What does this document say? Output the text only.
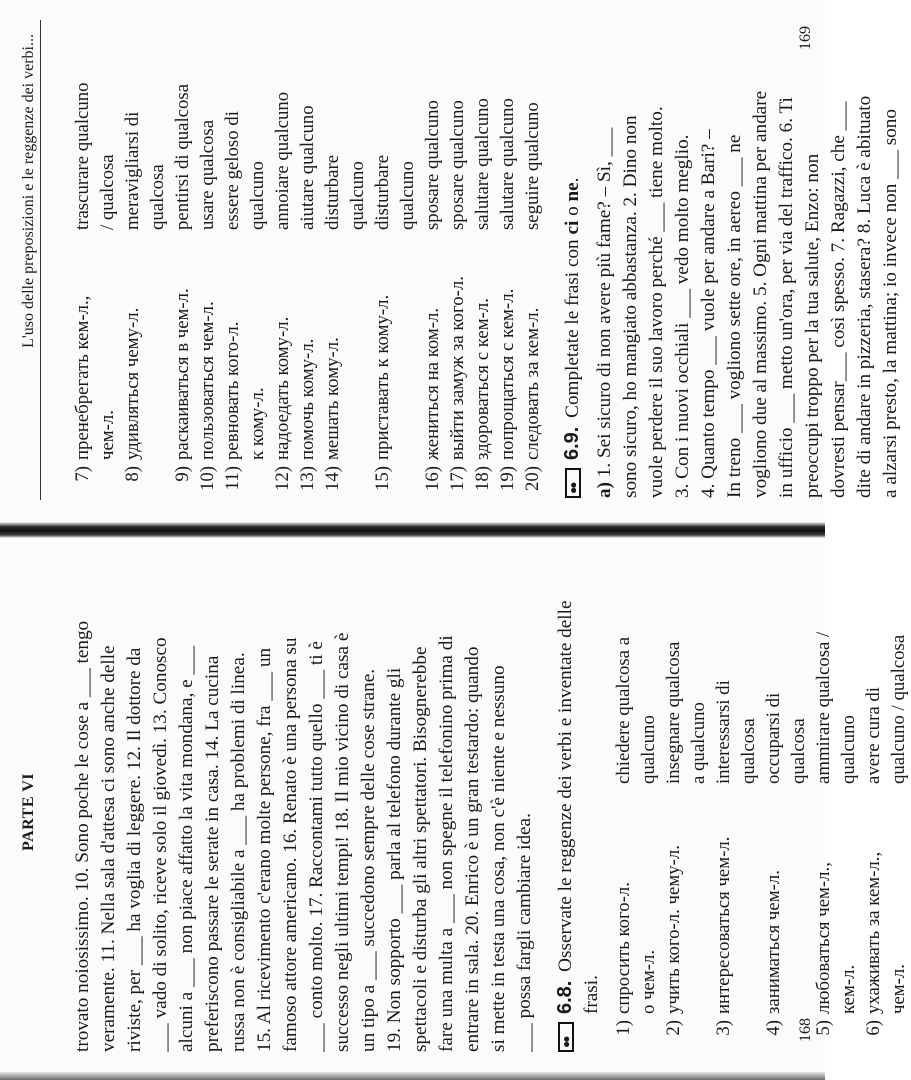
PARTE VI trovato noiosissimo. 10. Sono poche le cose a ___ tengo veramente. 11. Nella sala d'attesa ci sono anche delle riviste, per ___ ha voglia di leggere. 12. Il dottore da ___ vado di solito, riceve solo il giovedì. 13. Conosco alcuni a ___ non piace affatto la vita mondana, e ___ preferiscono passare le serate in casa. 14. La cucina russa non è consigliabile a ___ ha problemi di linea. 15. Al ricevimento c'erano molte persone, fra ___ un famoso attore americano. 16. Renato è una persona su ___ conto molto. 17. Raccontami tutto quello ___ ti è successo negli ultimi tempi! 18. Il mio vicino di casa è un tipo a ___ succedono sempre delle cose strane. 19. Non sopporto ___ parla al telefono durante gli spettacoli e disturba gli altri spettatori. Bisognerebbe fare una multa a ___ non spegne il telefonino prima di entrare in sala. 20. Enrico è un gran testardo: quando si mette in testa una cosa, non c'è niente e nessuno ___ possa fargli cambiare idea. ●●
6.8. Osservate le reggenze dei verbi e inventate delle frasi.
1)	спросить кого-л.	chiedere qualcosa a
	о чем-л.	qualcuno
2)	учить кого-л. чему-л.	insegnare qualcosa
		a qualcuno
3)	интересоваться чем-л.	interessarsi di
		qualcosa
4)	заниматься чем-л.	occuparsi di
		qualcosa
5)	любоваться чем-л.,	ammirare qualcosa /
	кем-л.	qualcuno
6)	ухаживать за кем-л.,	avere cura di
	чем-л.	qualcuno / qualcosa
168
L'uso delle preposizioni e le reggenze dei verbi...
7)	пренебрегать кем-л.,	trascurare qualcuno
	чем-л.	/ qualcosa
8)	удивляться чему-л.	meravigliarsi di
		qualcosa
9)	раскаиваться в чем-л.	pentirsi di qualcosa
10)	пользоваться чем-л.	usare qualcosa
11)	ревновать кого-л.	essere geloso di
	к кому-л.	qualcuno
12)	надоедать кому-л.	annoiare qualcuno
13)	помочь кому-л.	aiutare qualcuno
14)	мешать кому-л.	disturbare
		qualcuno
15)	приставать к кому-л.	disturbare
		qualcuno
16)	жениться на ком-л.	sposare qualcuno
17)	выйти замуж за кого-л.	sposare qualcuno
18)	здороваться с кем-л.	salutare qualcuno
19)	попрощаться с кем-л.	salutare qualcuno
20)	следовать за кем-л.	seguire qualcuno
●●
6.9. Completate le frasi con ci o ne.

a) 1. Sei sicuro di non avere più fame? – Sì, ___ sono sicuro, ho mangiato abbastanza. 2. Dino non vuole perdere il suo lavoro perché ___ tiene molto. 3. Con i nuovi occhiali ___ vedo molto meglio. 4. Quanto tempo ___ vuole per andare a Bari? – In treno ___ vogliono sette ore, in aereo ___ ne vogliono due al massimo. 5. Ogni mattina per andare in ufficio ___ metto un'ora, per via del traffico. 6. Ti preoccupi troppo per la tua salute, Enzo: non dovresti pensar___ così spesso. 7. Ragazzi, che ___ dite di andare in pizzeria, stasera? 8. Luca è abituato a alzarsi presto, la mattina; io invece non ___ sono

169
